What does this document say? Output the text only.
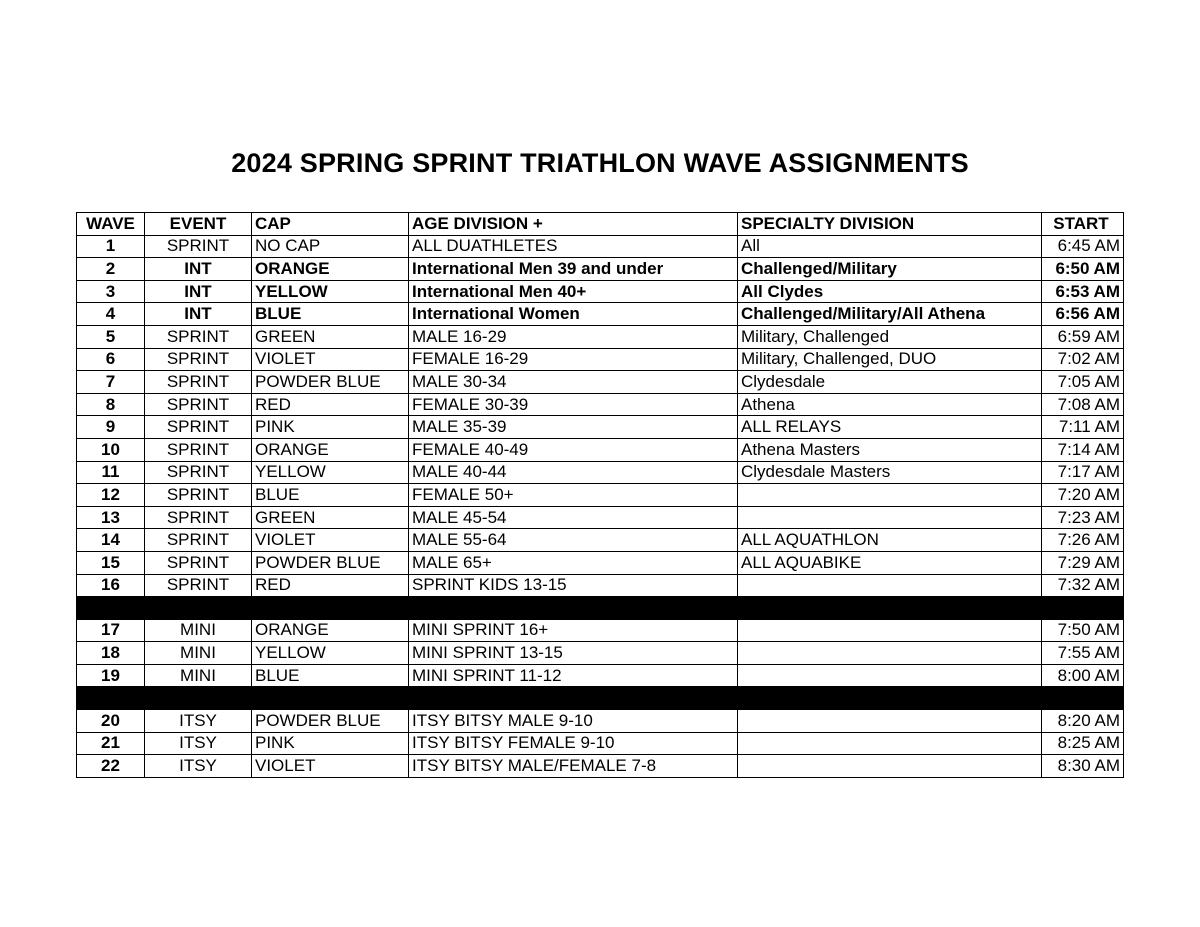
2024 SPRING SPRINT TRIATHLON WAVE ASSIGNMENTS
WAVE	EVENT	CAP	AGE DIVISION +	SPECIALTY DIVISION	START
1	SPRINT	NO CAP	ALL DUATHLETES	All	6:45 AM
2	INT	ORANGE	International Men 39 and under	Challenged/Military	6:50 AM
3	INT	YELLOW	International Men 40+	All Clydes	6:53 AM
4	INT	BLUE	International Women	Challenged/Military/All Athena	6:56 AM
5	SPRINT	GREEN	MALE 16-29	Military, Challenged	6:59 AM
6	SPRINT	VIOLET	FEMALE 16-29	Military, Challenged, DUO	7:02 AM
7	SPRINT	POWDER BLUE	MALE 30-34	Clydesdale	7:05 AM
8	SPRINT	RED	FEMALE 30-39	Athena	7:08 AM
9	SPRINT	PINK	MALE 35-39	ALL RELAYS	7:11 AM
10	SPRINT	ORANGE	FEMALE 40-49	Athena Masters	7:14 AM
11	SPRINT	YELLOW	MALE 40-44	Clydesdale Masters	7:17 AM
12	SPRINT	BLUE	FEMALE 50+		7:20 AM
13	SPRINT	GREEN	MALE 45-54		7:23 AM
14	SPRINT	VIOLET	MALE 55-64	ALL AQUATHLON	7:26 AM
15	SPRINT	POWDER BLUE	MALE 65+	ALL AQUABIKE	7:29 AM
16	SPRINT	RED	SPRINT KIDS 13-15		7:32 AM

17	MINI	ORANGE	MINI SPRINT 16+		7:50 AM
18	MINI	YELLOW	MINI SPRINT 13-15		7:55 AM
19	MINI	BLUE	MINI SPRINT 11-12		8:00 AM

20	ITSY	POWDER BLUE	ITSY BITSY MALE 9-10		8:20 AM
21	ITSY	PINK	ITSY BITSY FEMALE 9-10		8:25 AM
22	ITSY	VIOLET	ITSY BITSY MALE/FEMALE 7-8		8:30 AM
